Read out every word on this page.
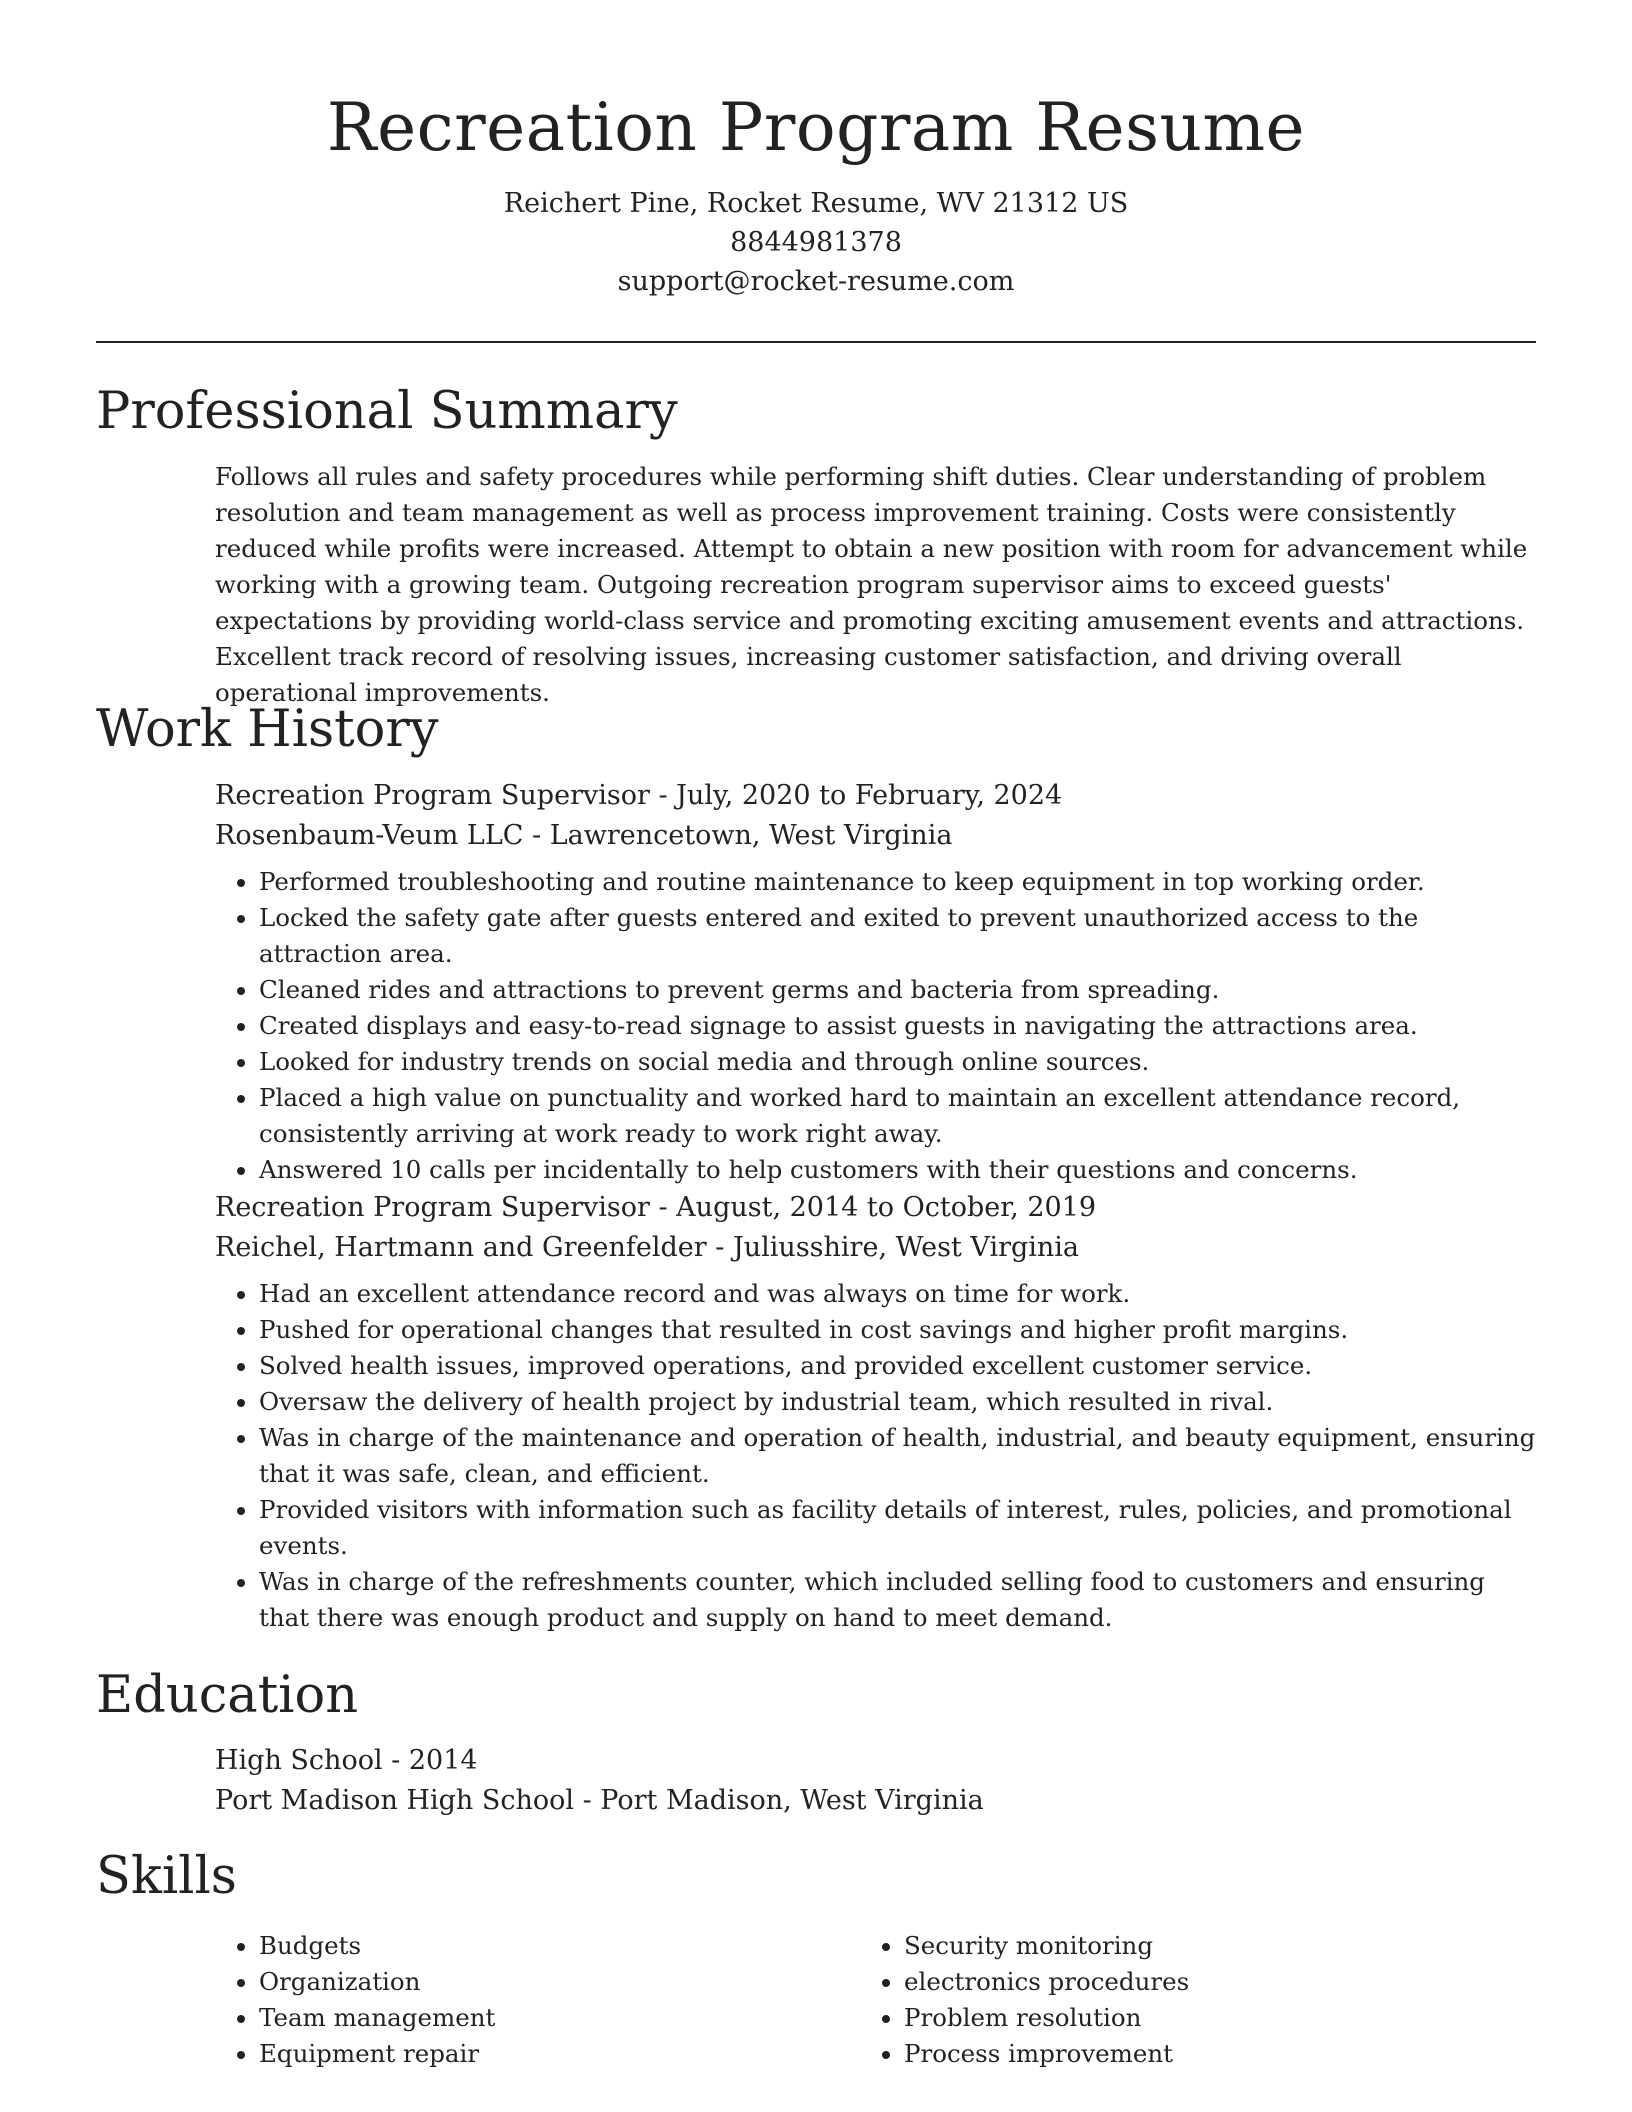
Recreation Program Resume

Reichert Pine, Rocket Resume, WV 21312 US

8844981378

support@rocket-resume.com

Professional Summary

Follows all rules and safety procedures while performing shift duties. Clear understanding of problem resolution and team management as well as process improvement training. Costs were consistently reduced while profits were increased. Attempt to obtain a new position with room for advancement while working with a growing team. Outgoing recreation program supervisor aims to exceed guests' expectations by providing world-class service and promoting exciting amusement events and attractions. Excellent track record of resolving issues, increasing customer satisfaction, and driving overall operational improvements.

Work History

Recreation Program Supervisor - July, 2020 to February, 2024

Rosenbaum-Veum LLC - Lawrencetown, West Virginia

• Performed troubleshooting and routine maintenance to keep equipment in top working order.
• Locked the safety gate after guests entered and exited to prevent unauthorized access to the attraction area.
• Cleaned rides and attractions to prevent germs and bacteria from spreading.
• Created displays and easy-to-read signage to assist guests in navigating the attractions area.
• Looked for industry trends on social media and through online sources.
• Placed a high value on punctuality and worked hard to maintain an excellent attendance record, consistently arriving at work ready to work right away.
• Answered 10 calls per incidentally to help customers with their questions and concerns.

Recreation Program Supervisor - August, 2014 to October, 2019

Reichel, Hartmann and Greenfelder - Juliusshire, West Virginia

• Had an excellent attendance record and was always on time for work.
• Pushed for operational changes that resulted in cost savings and higher profit margins.
• Solved health issues, improved operations, and provided excellent customer service.
• Oversaw the delivery of health project by industrial team, which resulted in rival.
• Was in charge of the maintenance and operation of health, industrial, and beauty equipment, ensuring that it was safe, clean, and efficient.
• Provided visitors with information such as facility details of interest, rules, policies, and promotional events.
• Was in charge of the refreshments counter, which included selling food to customers and ensuring that there was enough product and supply on hand to meet demand.
Education

High School - 2014

Port Madison High School - Port Madison, West Virginia

Skills
• Budgets
• Organization
• Team management
• Equipment repair
• Security monitoring
• electronics procedures
• Problem resolution
• Process improvement
